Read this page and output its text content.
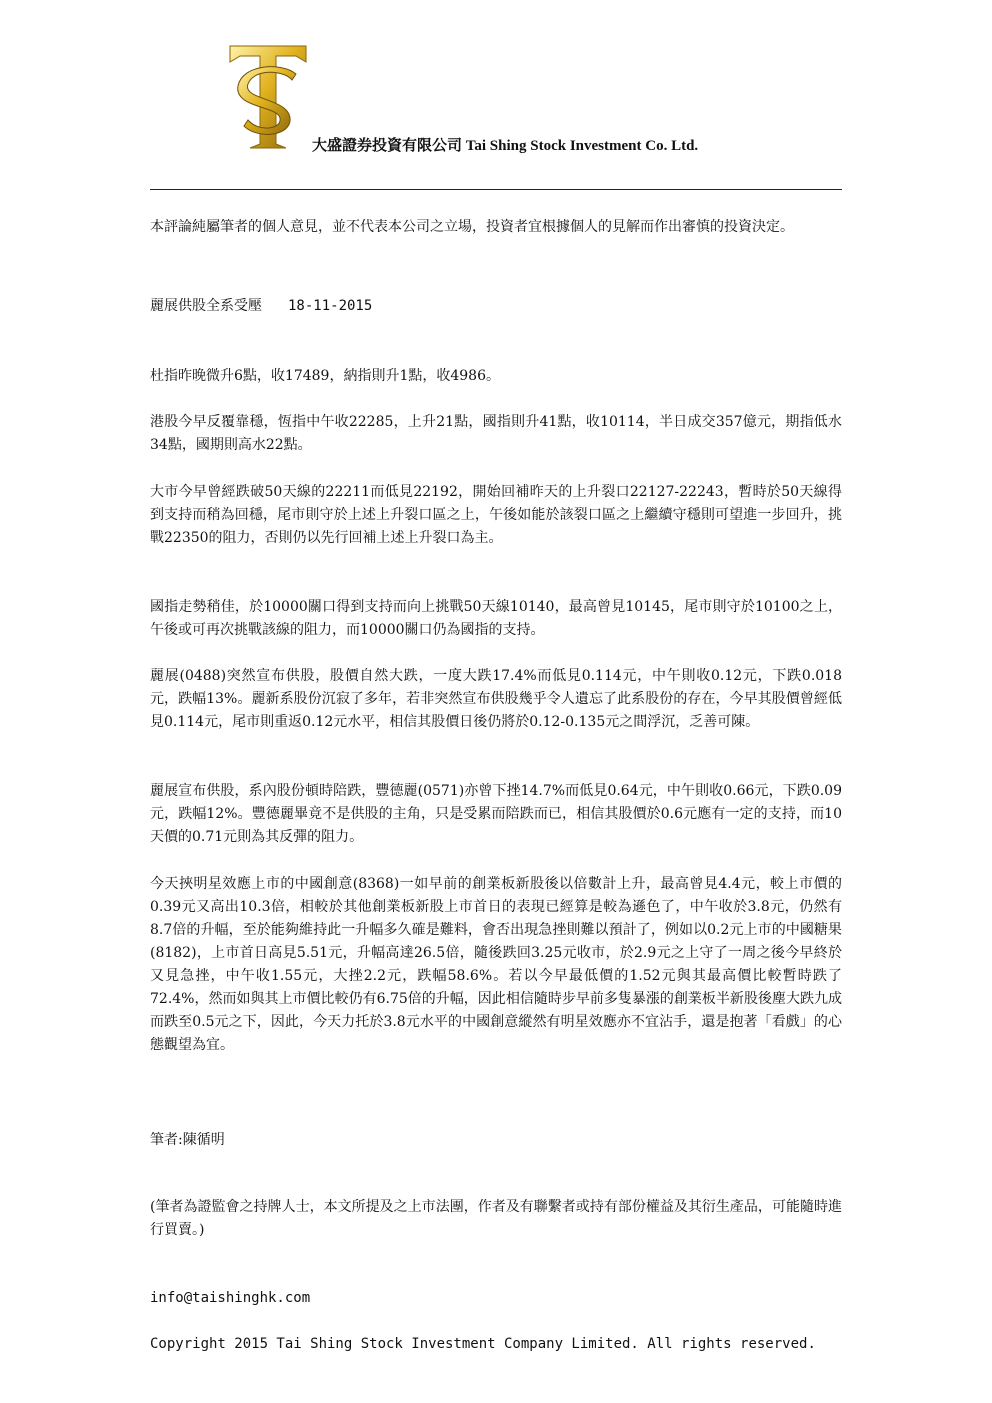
大盛證券投資有限公司 Tai Shing Stock Investment Co. Ltd.

本評論純屬筆者的個人意見，並不代表本公司之立場，投資者宜根據個人的見解而作出審慎的投資決定。

麗展供股全系受壓 18-11-2015

杜指昨晚微升6點，收17489，納指則升1點，收4986。

港股今早反覆靠穩，恆指中午收22285，上升21點，國指則升41點，收10114，半日成交357億元，期指低水34點，國期則高水22點。

大市今早曾經跌破50天線的22211而低見22192，開始回補昨天的上升裂口22127-22243，暫時於50天線得到支持而稍為回穩，尾市則守於上述上升裂口區之上，午後如能於該裂口區之上繼續守穩則可望進一步回升，挑戰22350的阻力，否則仍以先行回補上述上升裂口為主。

國指走勢稍佳，於10000關口得到支持而向上挑戰50天線10140，最高曾見10145，尾市則守於10100之上，午後或可再次挑戰該線的阻力，而10000關口仍為國指的支持。

麗展(0488)突然宣布供股，股價自然大跌，一度大跌17.4%而低見0.114元，中午則收0.12元，下跌0.018元，跌幅13%。麗新系股份沉寂了多年，若非突然宣布供股幾乎令人遺忘了此系股份的存在，今早其股價曾經低見0.114元，尾市則重返0.12元水平，相信其股價日後仍將於0.12-0.135元之間浮沉，乏善可陳。

麗展宣布供股，系內股份頓時陪跌，豐德麗(0571)亦曾下挫14.7%而低見0.64元，中午則收0.66元，下跌0.09元，跌幅12%。豐德麗畢竟不是供股的主角，只是受累而陪跌而已，相信其股價於0.6元應有一定的支持，而10天價的0.71元則為其反彈的阻力。

今天挾明星效應上市的中國創意(8368)一如早前的創業板新股後以倍數計上升，最高曾見4.4元，較上市價的0.39元又高出10.3倍，相較於其他創業板新股上市首日的表現已經算是較為遜色了，中午收於3.8元，仍然有8.7倍的升幅，至於能夠維持此一升幅多久確是難料，會否出現急挫則難以預計了，例如以0.2元上市的中國糖果(8182)，上市首日高見5.51元，升幅高達26.5倍，隨後跌回3.25元收市，於2.9元之上守了一周之後今早終於又見急挫，中午收1.55元，大挫2.2元，跌幅58.6%。若以今早最低價的1.52元與其最高價比較暫時跌了72.4%，然而如與其上市價比較仍有6.75倍的升幅，因此相信隨時步早前多隻暴漲的創業板半新股後塵大跌九成而跌至0.5元之下，因此，今天力托於3.8元水平的中國創意縱然有明星效應亦不宜沾手，還是抱著「看戲」的心態觀望為宜。

筆者:陳循明

(筆者為證監會之持牌人士，本文所提及之上市法團，作者及有聯繫者或持有部份權益及其衍生產品，可能隨時進行買賣。)

info@taishinghk.com

Copyright 2015 Tai Shing Stock Investment Company Limited. All rights reserved.
